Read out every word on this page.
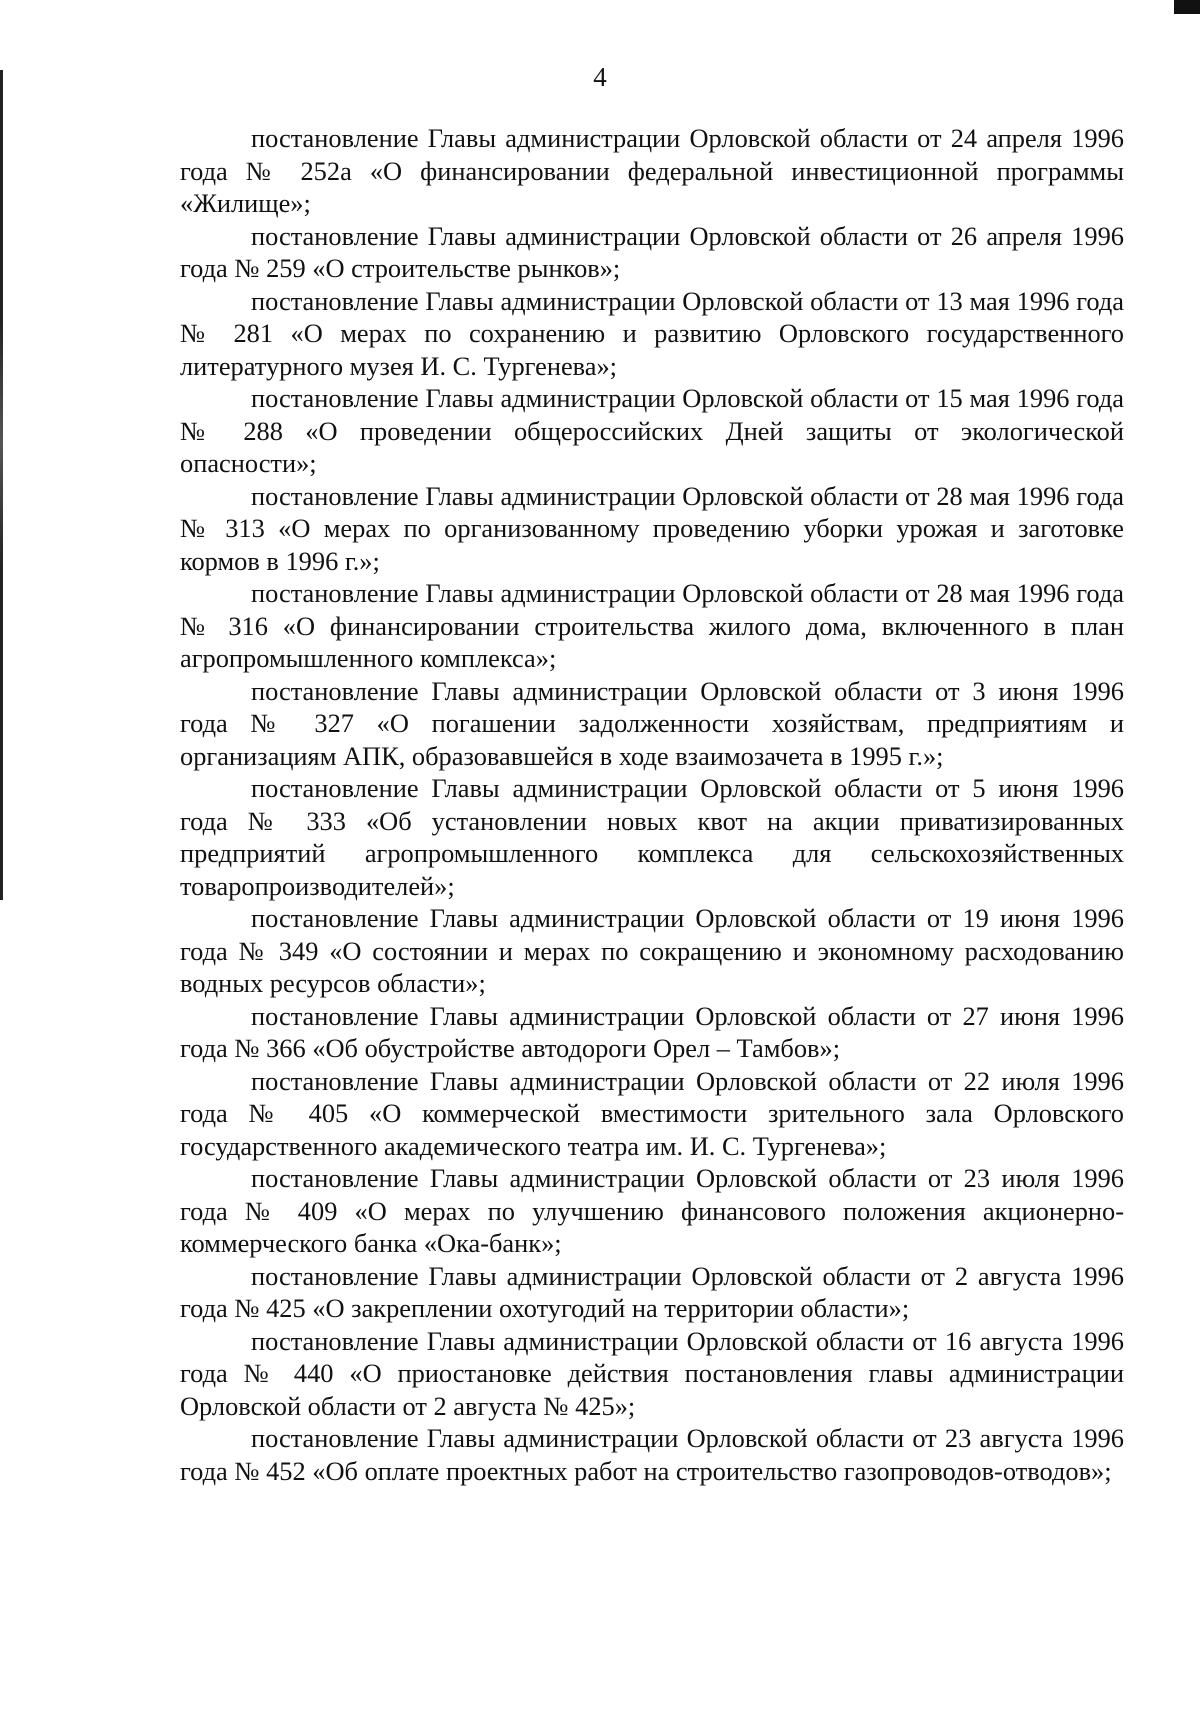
4

постановление Главы администрации Орловской области от 24 апреля 1996 года № 252а «О финансировании федеральной инвестиционной программы «Жилище»;

постановление Главы администрации Орловской области от 26 апреля 1996 года № 259 «О строительстве рынков»;

постановление Главы администрации Орловской области от 13 мая 1996 года № 281 «О мерах по сохранению и развитию Орловского государственного литературного музея И. С. Тургенева»;

постановление Главы администрации Орловской области от 15 мая 1996 года № 288 «О проведении общероссийских Дней защиты от экологической опасности»;

постановление Главы администрации Орловской области от 28 мая 1996 года № 313 «О мерах по организованному проведению уборки урожая и заготовке кормов в 1996 г.»;

постановление Главы администрации Орловской области от 28 мая 1996 года № 316 «О финансировании строительства жилого дома, включенного в план агропромышленного комплекса»;

постановление Главы администрации Орловской области от 3 июня 1996 года № 327 «О погашении задолженности хозяйствам, предприятиям и организациям АПК, образовавшейся в ходе взаимозачета в 1995 г.»;

постановление Главы администрации Орловской области от 5 июня 1996 года № 333 «Об установлении новых квот на акции приватизированных предприятий агропромышленного комплекса для сельскохозяйственных товаропроизводителей»;

постановление Главы администрации Орловской области от 19 июня 1996 года № 349 «О состоянии и мерах по сокращению и экономному расходованию водных ресурсов области»;

постановление Главы администрации Орловской области от 27 июня 1996 года № 366 «Об обустройстве автодороги Орел – Тамбов»;

постановление Главы администрации Орловской области от 22 июля 1996 года № 405 «О коммерческой вместимости зрительного зала Орловского государственного академического театра им. И. С. Тургенева»;

постановление Главы администрации Орловской области от 23 июля 1996 года № 409 «О мерах по улучшению финансового положения акционерно-коммерческого банка «Ока-банк»;

постановление Главы администрации Орловской области от 2 августа 1996 года № 425 «О закреплении охотугодий на территории области»;

постановление Главы администрации Орловской области от 16 августа 1996 года № 440 «О приостановке действия постановления главы администрации Орловской области от 2 августа № 425»;

постановление Главы администрации Орловской области от 23 августа 1996 года № 452 «Об оплате проектных работ на строительство газопроводов-отводов»;
